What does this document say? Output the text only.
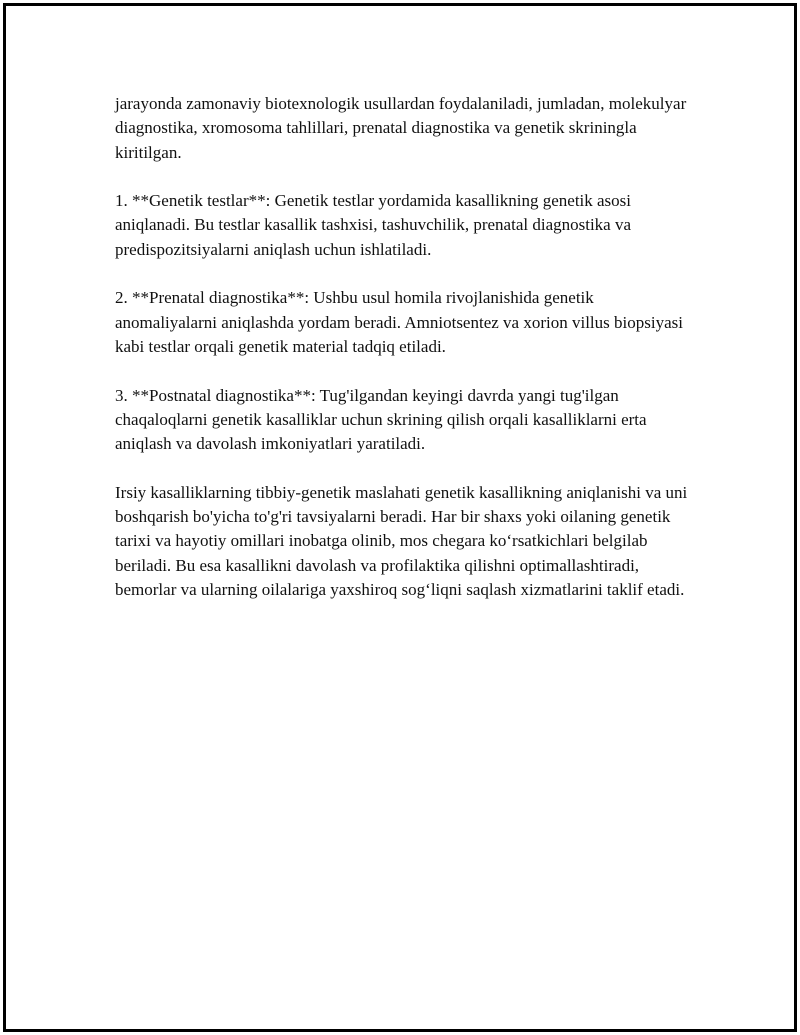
jarayonda zamonaviy biotexnologik usullardan foydalaniladi, jumladan, molekulyar diagnostika, xromosoma tahlillari, prenatal diagnostika va genetik skriningla kiritilgan.

1. **Genetik testlar**: Genetik testlar yordamida kasallikning genetik asosi aniqlanadi. Bu testlar kasallik tashxisi, tashuvchilik, prenatal diagnostika va predispozitsiyalarni aniqlash uchun ishlatiladi.

2. **Prenatal diagnostika**: Ushbu usul homila rivojlanishida genetik anomaliyalarni aniqlashda yordam beradi. Amniotsentez va xorion villus biopsiyasi kabi testlar orqali genetik material tadqiq etiladi.

3. **Postnatal diagnostika**: Tug'ilgandan keyingi davrda yangi tug'ilgan chaqaloqlarni genetik kasalliklar uchun skrining qilish orqali kasalliklarni erta aniqlash va davolash imkoniyatlari yaratiladi.

Irsiy kasalliklarning tibbiy-genetik maslahati genetik kasallikning aniqlanishi va uni boshqarish bo'yicha to'g'ri tavsiyalarni beradi. Har bir shaxs yoki oilaning genetik tarixi va hayotiy omillari inobatga olinib, mos chegara ko‘rsatkichlari belgilab beriladi. Bu esa kasallikni davolash va profilaktika qilishni optimallashtiradi, bemorlar va ularning oilalariga yaxshiroq sog‘liqni saqlash xizmatlarini taklif etadi.
